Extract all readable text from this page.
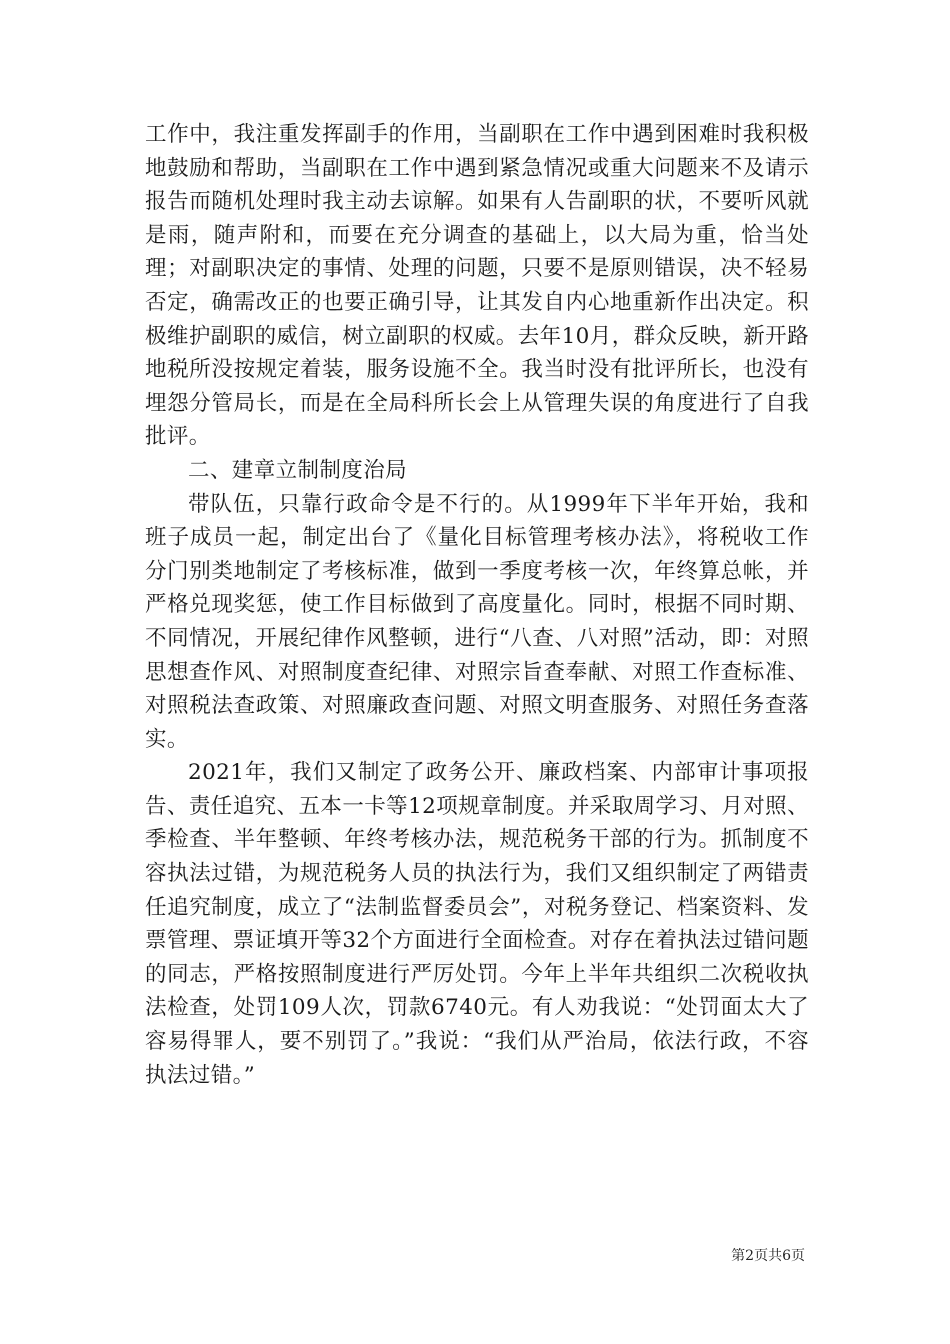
工作中，我注重发挥副手的作用，当副职在工作中遇到困难时我积极地鼓励和帮助，当副职在工作中遇到紧急情况或重大问题来不及请示报告而随机处理时我主动去谅解。如果有人告副职的状，不要听风就是雨，随声附和，而要在充分调查的基础上，以大局为重，恰当处理；对副职决定的事情、处理的问题，只要不是原则错误，决不轻易否定，确需改正的也要正确引导，让其发自内心地重新作出决定。积极维护副职的威信，树立副职的权威。去年10月，群众反映，新开路地税所没按规定着装，服务设施不全。我当时没有批评所长，也没有埋怨分管局长，而是在全局科所长会上从管理失误的角度进行了自我批评。

二、建章立制制度治局

带队伍，只靠行政命令是不行的。从1999年下半年开始，我和班子成员一起，制定出台了《量化目标管理考核办法》，将税收工作分门别类地制定了考核标准，做到一季度考核一次，年终算总帐，并严格兑现奖惩，使工作目标做到了高度量化。同时，根据不同时期、不同情况，开展纪律作风整顿，进行“八查、八对照”活动，即：对照思想查作风、对照制度查纪律、对照宗旨查奉献、对照工作查标准、对照税法查政策、对照廉政查问题、对照文明查服务、对照任务查落实。

2021年，我们又制定了政务公开、廉政档案、内部审计事项报告、责任追究、五本一卡等12项规章制度。并采取周学习、月对照、季检查、半年整顿、年终考核办法，规范税务干部的行为。抓制度不容执法过错，为规范税务人员的执法行为，我们又组织制定了两错责任追究制度，成立了“法制监督委员会”，对税务登记、档案资料、发票管理、票证填开等32个方面进行全面检查。对存在着执法过错问题的同志，严格按照制度进行严厉处罚。今年上半年共组织二次税收执法检查，处罚109人次，罚款6740元。有人劝我说：“处罚面太大了容易得罪人，要不别罚了。”我说：“我们从严治局，依法行政，不容执法过错。”

第2页共6页
